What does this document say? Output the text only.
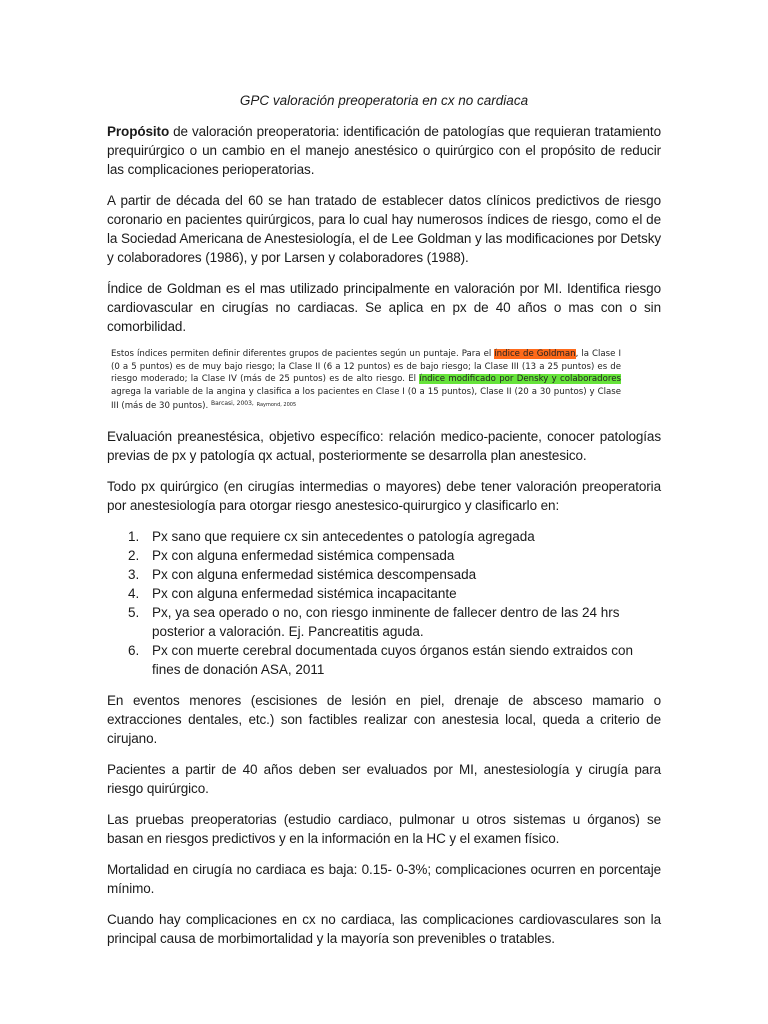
GPC valoración preoperatoria en cx no cardiaca

Propósito de valoración preoperatoria: identificación de patologías que requieran tratamiento prequirúrgico o un cambio en el manejo anestésico o quirúrgico con el propósito de reducir las complicaciones perioperatorias.

A partir de década del 60 se han tratado de establecer datos clínicos predictivos de riesgo coronario en pacientes quirúrgicos, para lo cual hay numerosos índices de riesgo, como el de la Sociedad Americana de Anestesiología, el de Lee Goldman y las modificaciones por Detsky y colaboradores (1986), y por Larsen y colaboradores (1988).

Índice de Goldman es el mas utilizado principalmente en valoración por MI. Identifica riesgo cardiovascular en cirugías no cardiacas. Se aplica en px de 40 años o mas con o sin comorbilidad.

Estos índices permiten definir diferentes grupos de pacientes según un puntaje. Para el índice de Goldman, la Clase I (0 a 5 puntos) es de muy bajo riesgo; la Clase II (6 a 12 puntos) es de bajo riesgo; la Clase III (13 a 25 puntos) es de riesgo moderado; la Clase IV (más de 25 puntos) es de alto riesgo. El índice modificado por Densky y colaboradores agrega la variable de la angina y clasifica a los pacientes en Clase I (0 a 15 puntos), Clase II (20 a 30 puntos) y Clase III (más de 30 puntos). $^{Barcasi, 2003,}$ $^{Raymond, 2005}$

Evaluación preanestésica, objetivo específico: relación medico-paciente, conocer patologías previas de px y patología qx actual, posteriormente se desarrolla plan anestesico.

Todo px quirúrgico (en cirugías intermedias o mayores) debe tener valoración preoperatoria por anestesiología para otorgar riesgo anestesico-quirurgico y clasificarlo en:

1. Px sano que requiere cx sin antecedentes o patología agregada
2. Px con alguna enfermedad sistémica compensada
3. Px con alguna enfermedad sistémica descompensada
4. Px con alguna enfermedad sistémica incapacitante
5. Px, ya sea operado o no, con riesgo inminente de fallecer dentro de las 24 hrs posterior a valoración. Ej. Pancreatitis aguda.
6. Px con muerte cerebral documentada cuyos órganos están siendo extraidos con fines de donación ASA, 2011

En eventos menores (escisiones de lesión en piel, drenaje de absceso mamario o extracciones dentales, etc.) son factibles realizar con anestesia local, queda a criterio de cirujano.

Pacientes a partir de 40 años deben ser evaluados por MI, anestesiología y cirugía para riesgo quirúrgico.

Las pruebas preoperatorias (estudio cardiaco, pulmonar u otros sistemas u órganos) se basan en riesgos predictivos y en la información en la HC y el examen físico.

Mortalidad en cirugía no cardiaca es baja: 0.15- 0-3%; complicaciones ocurren en porcentaje mínimo.

Cuando hay complicaciones en cx no cardiaca, las complicaciones cardiovasculares son la principal causa de morbimortalidad y la mayoría son prevenibles o tratables.
